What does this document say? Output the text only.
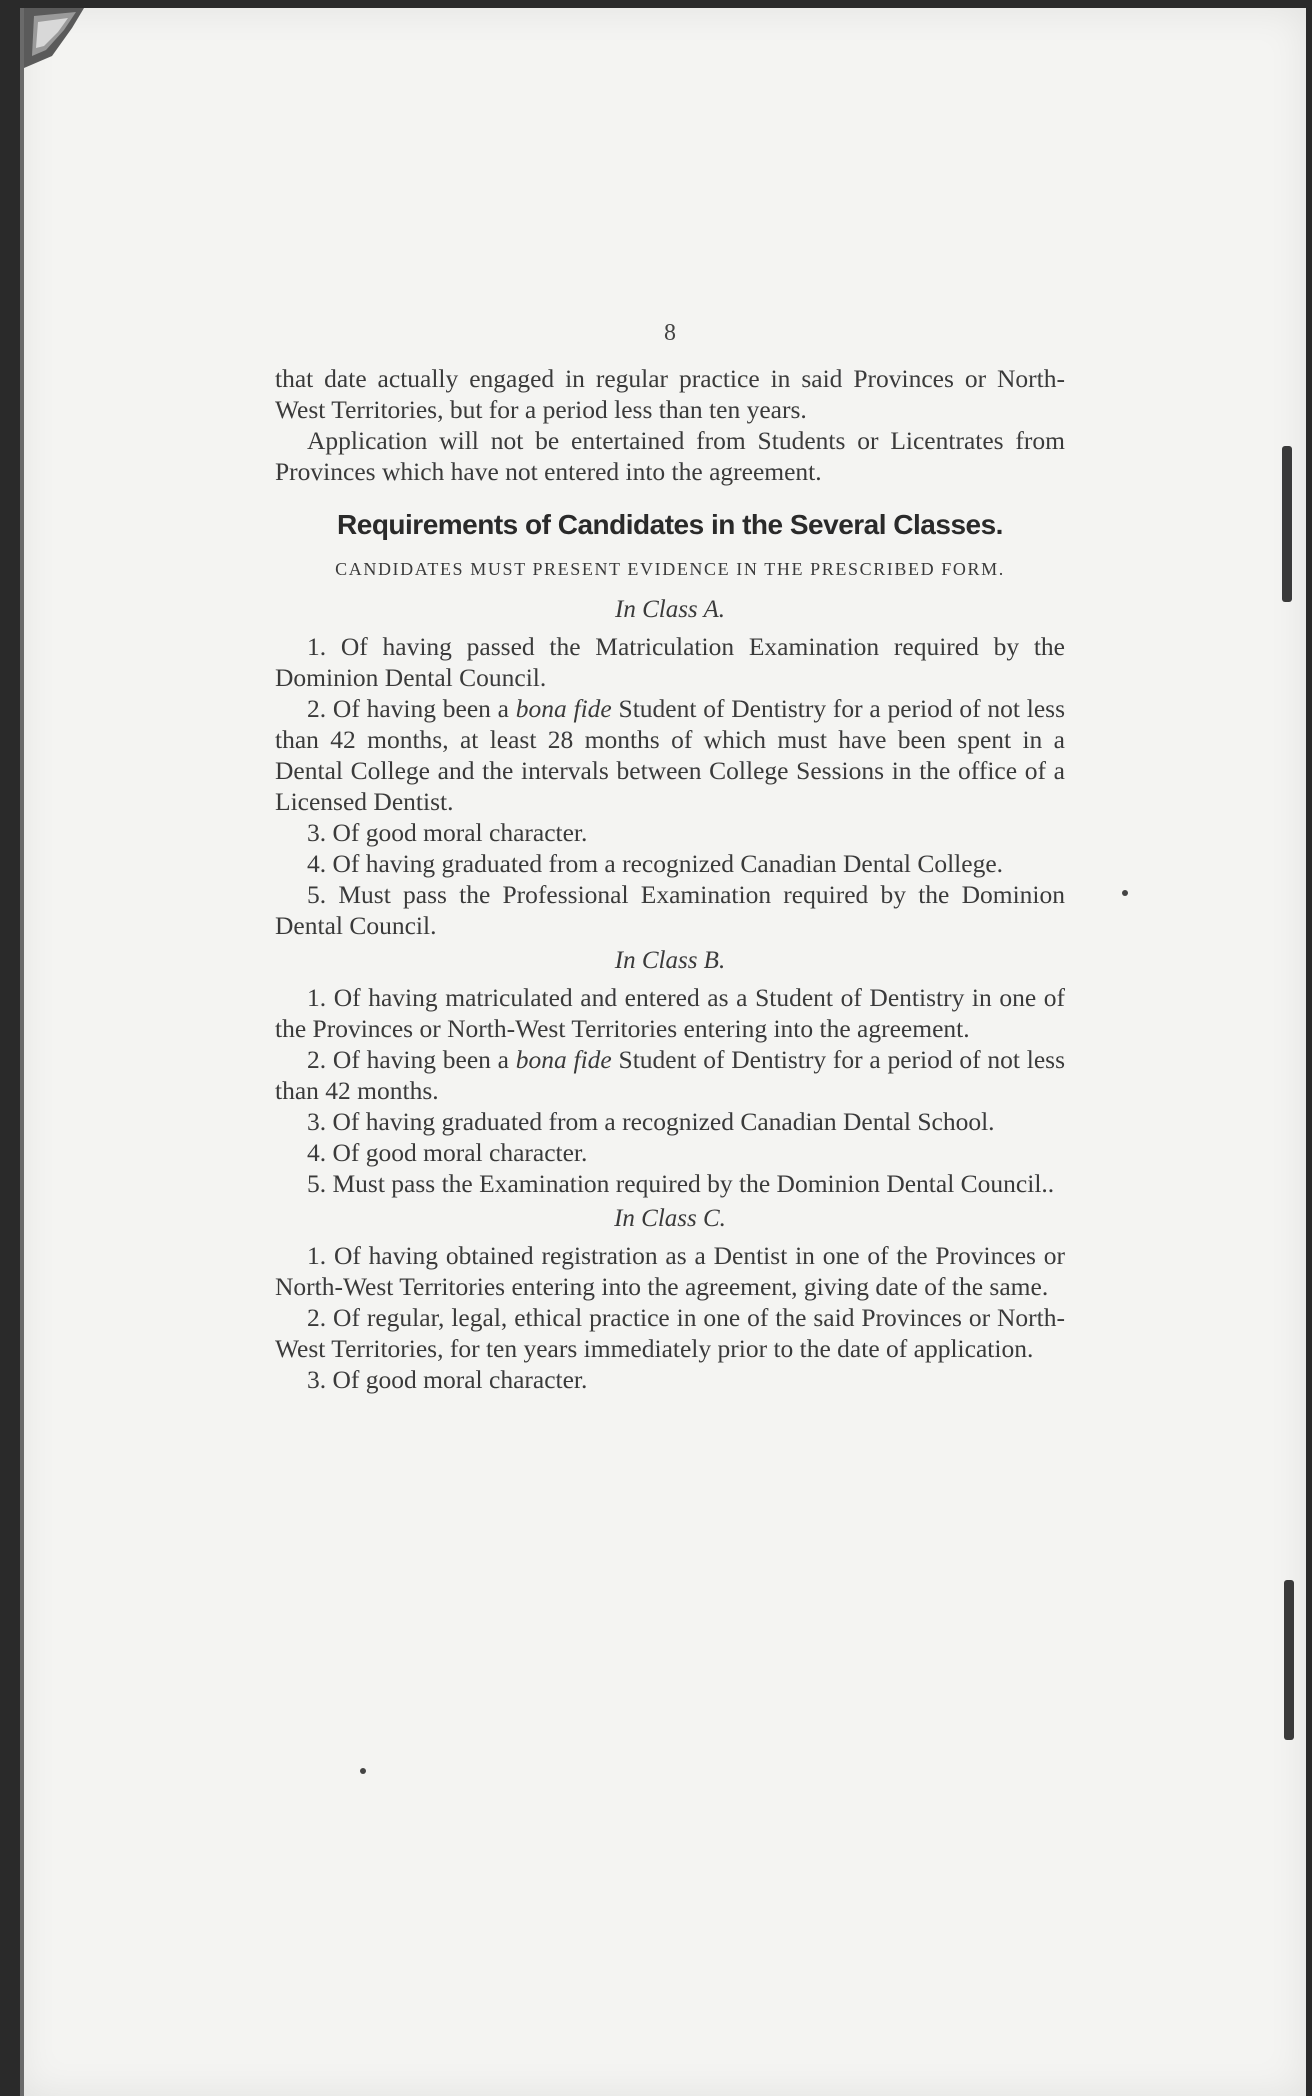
8

that date actually engaged in regular practice in said Provinces or North-West Territories, but for a period less than ten years.

Application will not be entertained from Students or Licentrates from Provinces which have not entered into the agreement.

Requirements of Candidates in the Several Classes.
CANDIDATES MUST PRESENT EVIDENCE IN THE PRESCRIBED FORM.
In Class A.

1. Of having passed the Matriculation Examination required by the Dominion Dental Council.

2. Of having been a bona fide Student of Dentistry for a period of not less than 42 months, at least 28 months of which must have been spent in a Dental College and the intervals between College Sessions in the office of a Licensed Dentist.

3. Of good moral character.

4. Of having graduated from a recognized Canadian Dental College.

5. Must pass the Professional Examination required by the Dominion Dental Council.

In Class B.

1. Of having matriculated and entered as a Student of Dentistry in one of the Provinces or North-West Territories entering into the agreement.

2. Of having been a bona fide Student of Dentistry for a period of not less than 42 months.

3. Of having graduated from a recognized Canadian Dental School.

4. Of good moral character.

5. Must pass the Examination required by the Dominion Dental Council..

In Class C.

1. Of having obtained registration as a Dentist in one of the Provinces or North-West Territories entering into the agreement, giving date of the same.

2. Of regular, legal, ethical practice in one of the said Provinces or North-West Territories, for ten years immediately prior to the date of application.

3. Of good moral character.
